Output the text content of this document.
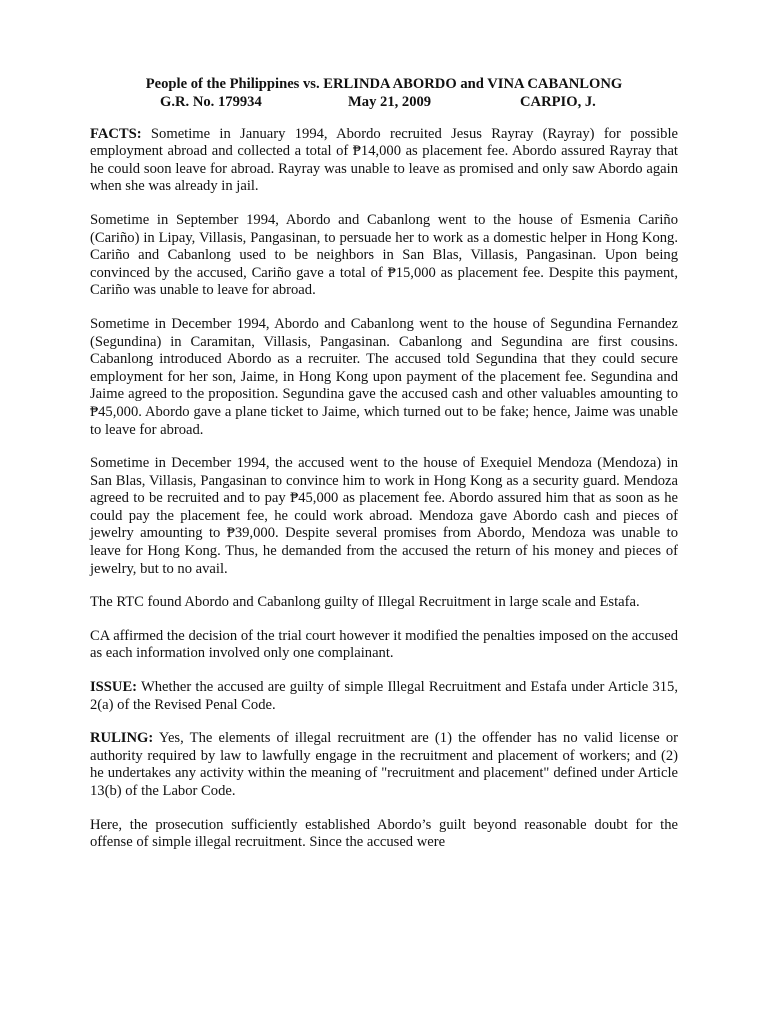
People of the Philippines vs. ERLINDA ABORDO and VINA CABANLONG

G.R. No. 179934	May 21, 2009	CARPIO, J.

FACTS: Sometime in January 1994, Abordo recruited Jesus Rayray (Rayray) for possible employment abroad and collected a total of ₱14,000 as placement fee. Abordo assured Rayray that he could soon leave for abroad. Rayray was unable to leave as promised and only saw Abordo again when she was already in jail.

Sometime in September 1994, Abordo and Cabanlong went to the house of Esmenia Cariño (Cariño) in Lipay, Villasis, Pangasinan, to persuade her to work as a domestic helper in Hong Kong. Cariño and Cabanlong used to be neighbors in San Blas, Villasis, Pangasinan. Upon being convinced by the accused, Cariño gave a total of ₱15,000 as placement fee. Despite this payment, Cariño was unable to leave for abroad.

Sometime in December 1994, Abordo and Cabanlong went to the house of Segundina Fernandez (Segundina) in Caramitan, Villasis, Pangasinan. Cabanlong and Segundina are first cousins. Cabanlong introduced Abordo as a recruiter. The accused told Segundina that they could secure employment for her son, Jaime, in Hong Kong upon payment of the placement fee. Segundina and Jaime agreed to the proposition. Segundina gave the accused cash and other valuables amounting to ₱45,000. Abordo gave a plane ticket to Jaime, which turned out to be fake; hence, Jaime was unable to leave for abroad.

Sometime in December 1994, the accused went to the house of Exequiel Mendoza (Mendoza) in San Blas, Villasis, Pangasinan to convince him to work in Hong Kong as a security guard. Mendoza agreed to be recruited and to pay ₱45,000 as placement fee. Abordo assured him that as soon as he could pay the placement fee, he could work abroad. Mendoza gave Abordo cash and pieces of jewelry amounting to ₱39,000. Despite several promises from Abordo, Mendoza was unable to leave for Hong Kong. Thus, he demanded from the accused the return of his money and pieces of jewelry, but to no avail.

The RTC found Abordo and Cabanlong guilty of Illegal Recruitment in large scale and Estafa.

CA affirmed the decision of the trial court however it modified the penalties imposed on the accused as each information involved only one complainant.

ISSUE: Whether the accused are guilty of simple Illegal Recruitment and Estafa under Article 315, 2(a) of the Revised Penal Code.

RULING: Yes, The elements of illegal recruitment are (1) the offender has no valid license or authority required by law to lawfully engage in the recruitment and placement of workers; and (2) he undertakes any activity within the meaning of "recruitment and placement" defined under Article 13(b) of the Labor Code.

Here, the prosecution sufficiently established Abordo’s guilt beyond reasonable doubt for the offense of simple illegal recruitment. Since the accused were
